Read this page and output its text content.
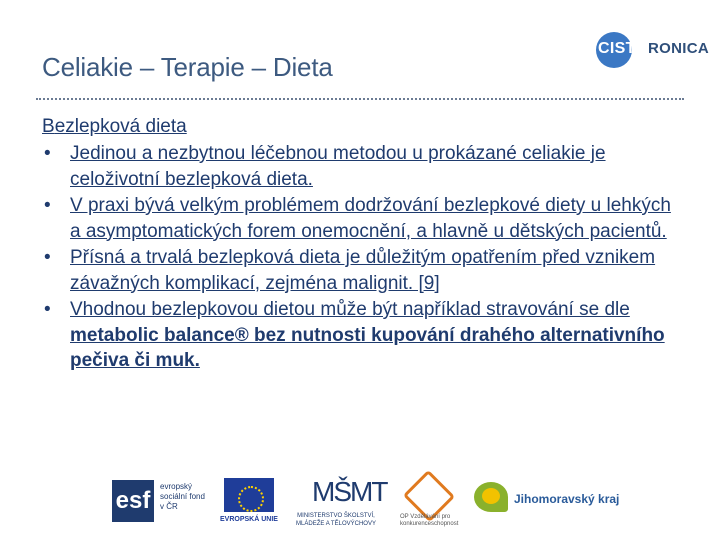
Celiakie – Terapie – Dieta
CIST RONICA
Bezlepková dieta
• Jedinou a nezbytnou léčebnou metodou u prokázané celiakie je celoživotní bezlepková dieta.
• V praxi bývá velkým problémem dodržování bezlepkové diety u lehkých a asymptomatických forem onemocnění, a hlavně u dětských pacientů.
• Přísná a trvalá bezlepková dieta je důležitým opatřením před vznikem závažných komplikací, zejména malignit. [9]
• Vhodnou bezlepkovou dietou může být například stravování se dle metabolic balance® bez nutnosti kupování drahého alternativního pečiva či muk.
esf
evropský sociální fond v ČR
EVROPSKÁ UNIE
MŠMT
MINISTERSTVO ŠKOLSTVÍ, MLÁDEŽE A TĚLOVÝCHOVY
OP Vzdělávání pro konkurenceschopnost
Jihomoravský kraj
